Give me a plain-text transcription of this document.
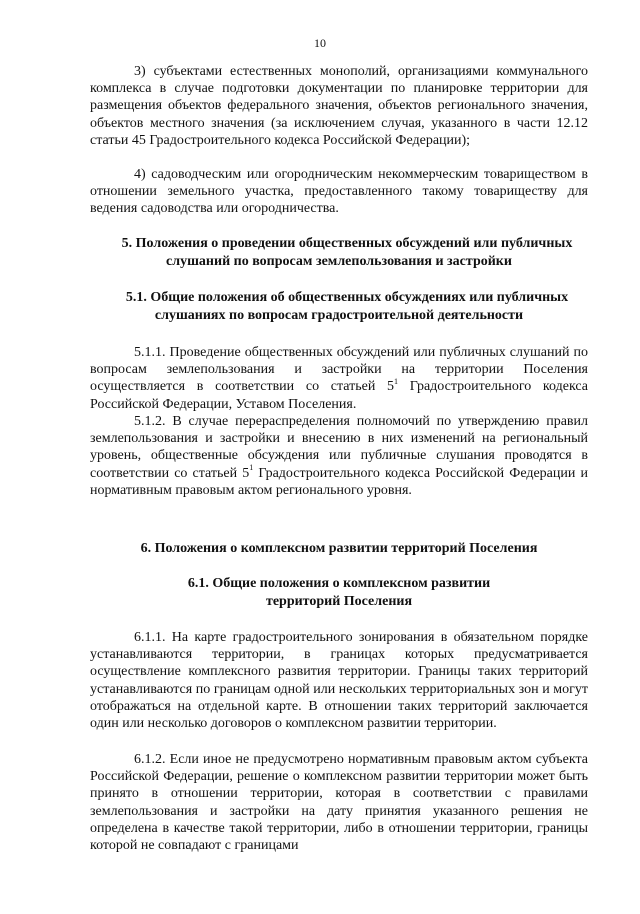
10
3) субъектами естественных монополий, организациями коммунального комплекса в случае подготовки документации по планировке территории для размещения объектов федерального значения, объектов регионального значения, объектов местного значения (за исключением случая, указанного в части 12.12 статьи 45 Градостроительного кодекса Российской Федерации);
4) садоводческим или огородническим некоммерческим товариществом в отношении земельного участка, предоставленного такому товариществу для ведения садоводства или огородничества.
5. Положения о проведении общественных обсуждений или публичных слушаний по вопросам землепользования и застройки
5.1. Общие положения об общественных обсуждениях или публичных слушаниях по вопросам градостроительной деятельности
5.1.1. Проведение общественных обсуждений или публичных слушаний по вопросам землепользования и застройки на территории Поселения осуществляется в соответствии со статьей $5^1$ Градостроительного кодекса Российской Федерации, Уставом Поселения.
5.1.2. В случае перераспределения полномочий по утверждению правил землепользования и застройки и внесению в них изменений на региональный уровень, общественные обсуждения или публичные слушания проводятся в соответствии со статьей $5^1$ Градостроительного кодекса Российской Федерации и нормативным правовым актом регионального уровня.
6. Положения о комплексном развитии территорий Поселения
6.1. Общие положения о комплексном развитии
территорий Поселения
6.1.1. На карте градостроительного зонирования в обязательном порядке устанавливаются территории, в границах которых предусматривается осуществление комплексного развития территории. Границы таких территорий устанавливаются по границам одной или нескольких территориальных зон и могут отображаться на отдельной карте. В отношении таких территорий заключается один или несколько договоров о комплексном развитии территории.
6.1.2. Если иное не предусмотрено нормативным правовым актом субъекта Российской Федерации, решение о комплексном развитии территории может быть принято в отношении территории, которая в соответствии с правилами землепользования и застройки на дату принятия указанного решения не определена в качестве такой территории, либо в отношении территории, границы которой не совпадают с границами
